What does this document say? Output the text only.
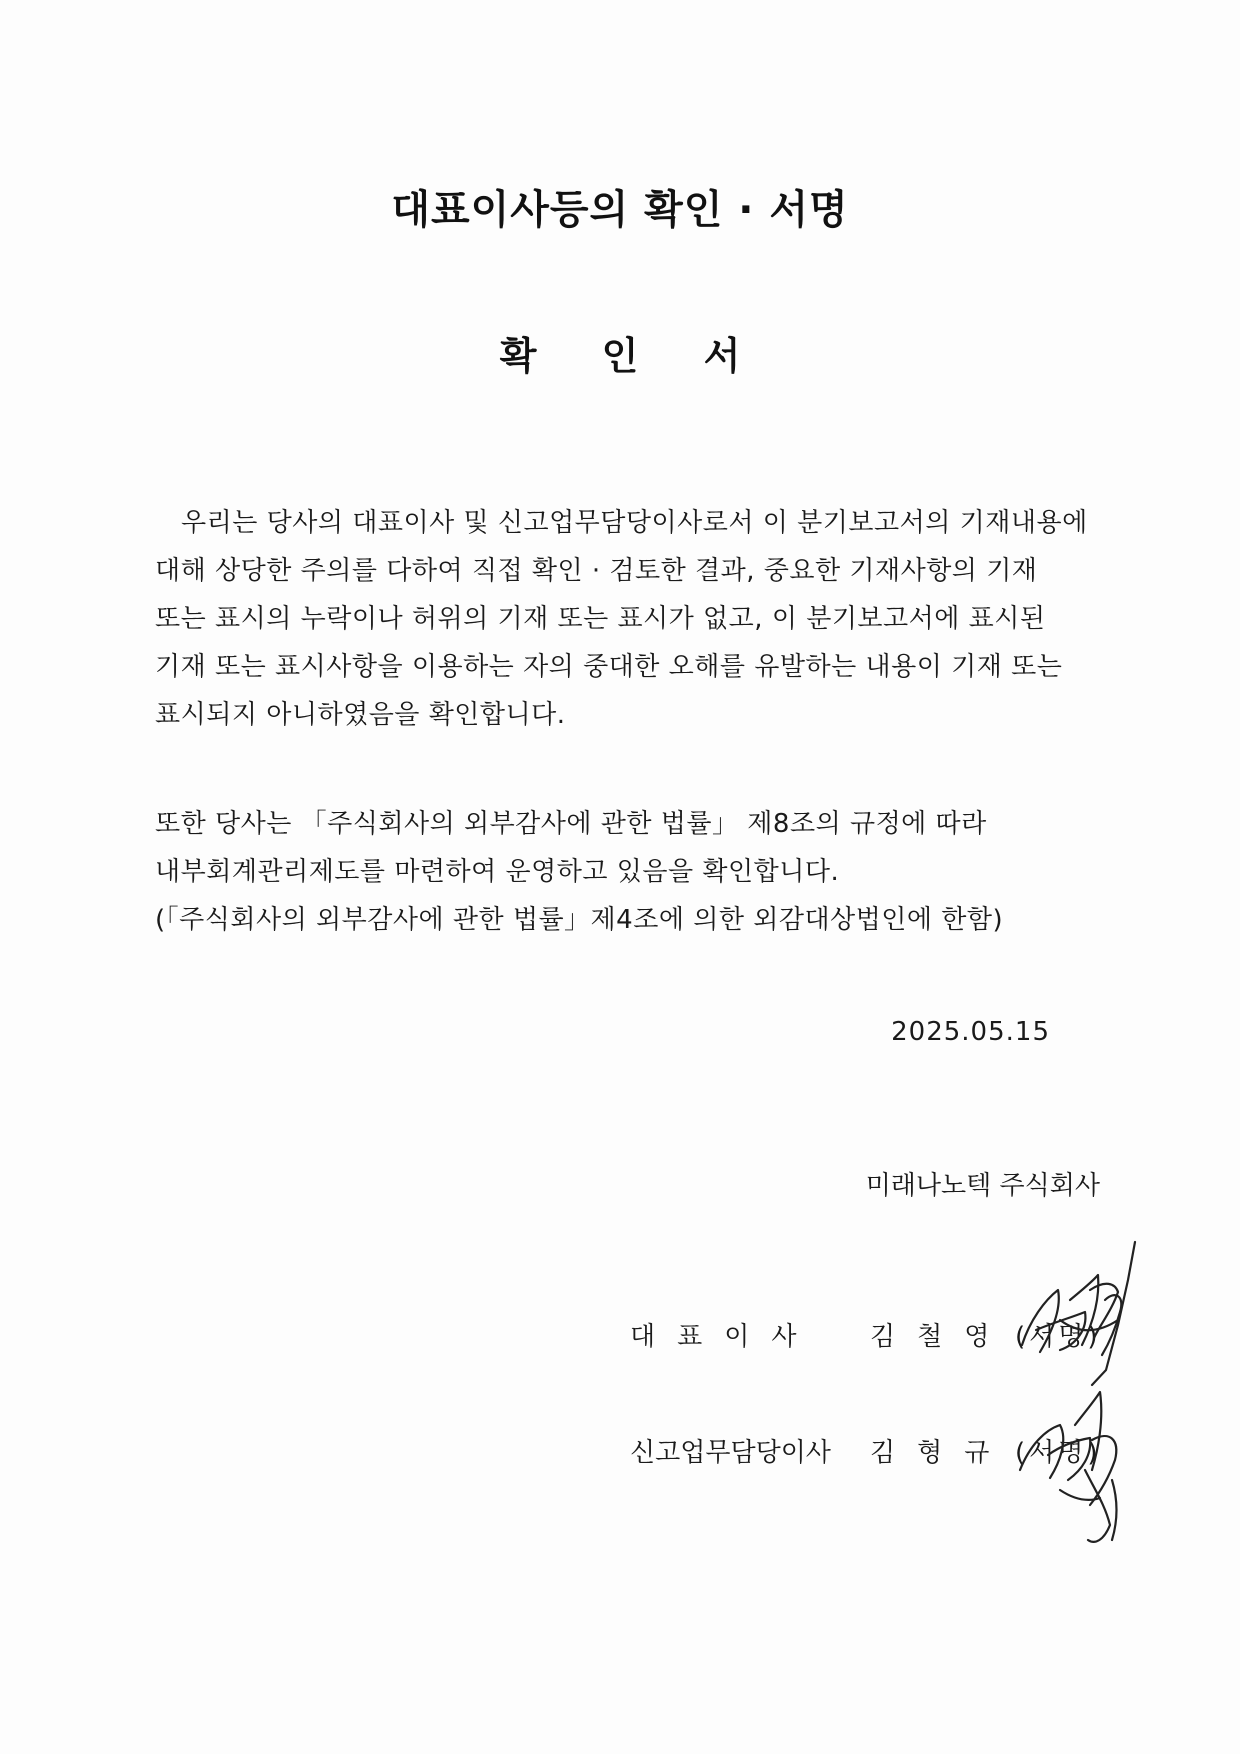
대표이사등의 확인 · 서명
확 인 서
우리는 당사의 대표이사 및 신고업무담당이사로서 이 분기보고서의 기재내용에
대해 상당한 주의를 다하여 직접 확인 · 검토한 결과, 중요한 기재사항의 기재
또는 표시의 누락이나 허위의 기재 또는 표시가 없고, 이 분기보고서에 표시된
기재 또는 표시사항을 이용하는 자의 중대한 오해를 유발하는 내용이 기재 또는
표시되지 아니하였음을 확인합니다.
또한 당사는 「주식회사의 외부감사에 관한 법률」 제8조의 규정에 따라
내부회계관리제도를 마련하여 운영하고 있음을 확인합니다.
(「주식회사의 외부감사에 관한 법률」제4조에 의한 외감대상법인에 한함)
2025.05.15
미래나노텍 주식회사
대표이사	김철영 (서명)
신고업무담당이사 김형규 (서명)
